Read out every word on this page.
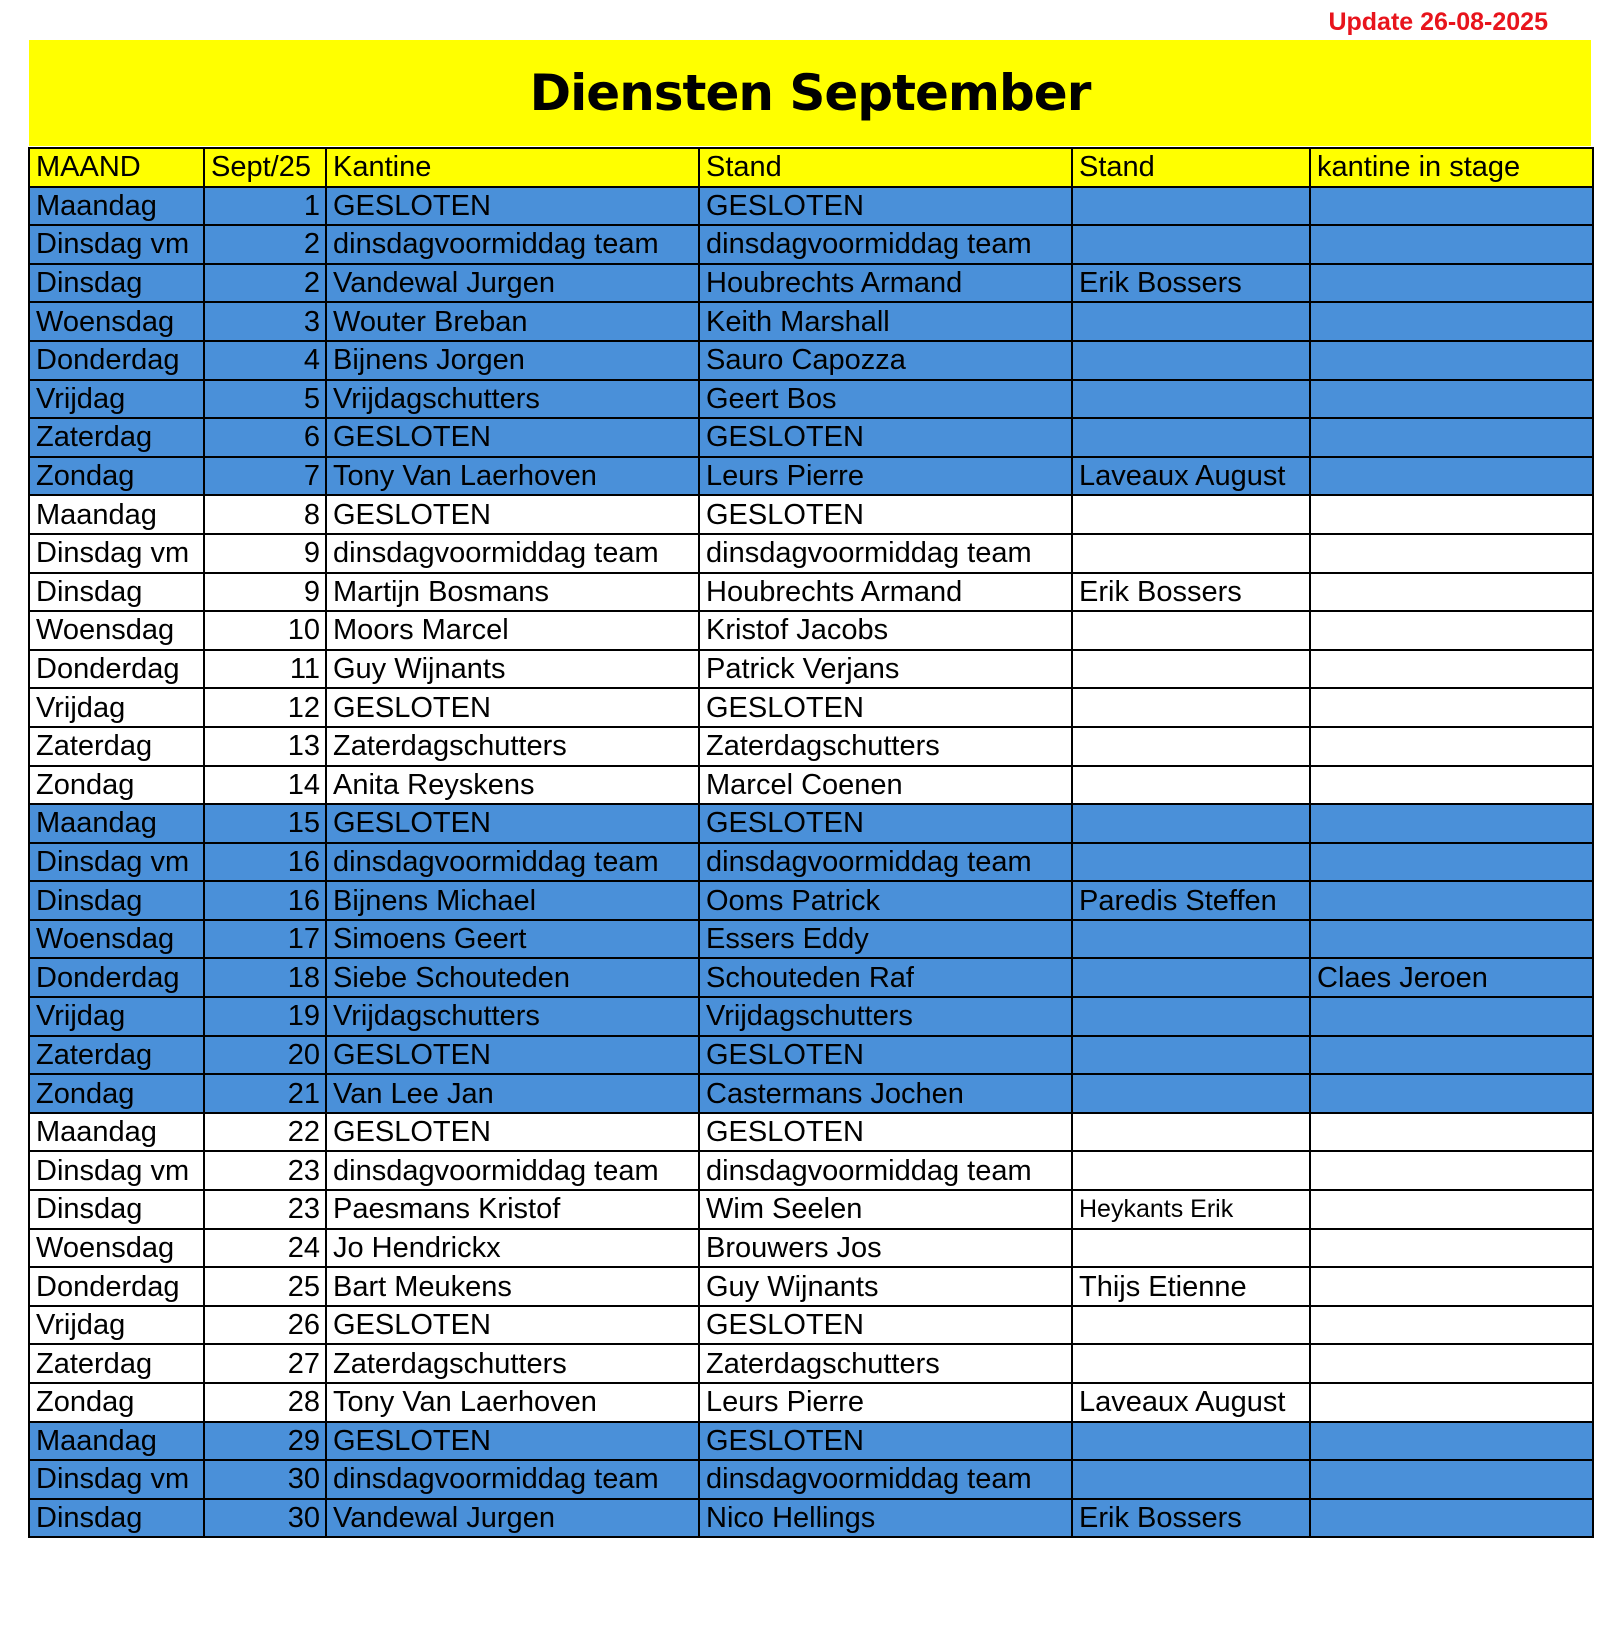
Update 26-08-2025
Diensten September
MAAND	Sept/25	Kantine	Stand	Stand	kantine in stage
Maandag	1	GESLOTEN	GESLOTEN		
Dinsdag vm	2	dinsdagvoormiddag team	dinsdagvoormiddag team		
Dinsdag	2	Vandewal Jurgen	Houbrechts Armand	Erik Bossers	
Woensdag	3	Wouter Breban	Keith Marshall		
Donderdag	4	Bijnens Jorgen	Sauro Capozza		
Vrijdag	5	Vrijdagschutters	Geert Bos		
Zaterdag	6	GESLOTEN	GESLOTEN		
Zondag	7	Tony Van Laerhoven	Leurs Pierre	Laveaux August	
Maandag	8	GESLOTEN	GESLOTEN		
Dinsdag vm	9	dinsdagvoormiddag team	dinsdagvoormiddag team		
Dinsdag	9	Martijn Bosmans	Houbrechts Armand	Erik Bossers	
Woensdag	10	Moors Marcel	Kristof Jacobs		
Donderdag	11	Guy Wijnants	Patrick Verjans		
Vrijdag	12	GESLOTEN	GESLOTEN		
Zaterdag	13	Zaterdagschutters	Zaterdagschutters		
Zondag	14	Anita Reyskens	Marcel Coenen		
Maandag	15	GESLOTEN	GESLOTEN		
Dinsdag vm	16	dinsdagvoormiddag team	dinsdagvoormiddag team		
Dinsdag	16	Bijnens Michael	Ooms Patrick	Paredis Steffen	
Woensdag	17	Simoens Geert	Essers Eddy		
Donderdag	18	Siebe Schouteden	Schouteden Raf		Claes Jeroen
Vrijdag	19	Vrijdagschutters	Vrijdagschutters		
Zaterdag	20	GESLOTEN	GESLOTEN		
Zondag	21	Van Lee Jan	Castermans Jochen		
Maandag	22	GESLOTEN	GESLOTEN		
Dinsdag vm	23	dinsdagvoormiddag team	dinsdagvoormiddag team		
Dinsdag	23	Paesmans Kristof	Wim Seelen	Heykants Erik	
Woensdag	24	Jo Hendrickx	Brouwers Jos		
Donderdag	25	Bart Meukens	Guy Wijnants	Thijs Etienne	
Vrijdag	26	GESLOTEN	GESLOTEN		
Zaterdag	27	Zaterdagschutters	Zaterdagschutters		
Zondag	28	Tony Van Laerhoven	Leurs Pierre	Laveaux August	
Maandag	29	GESLOTEN	GESLOTEN		
Dinsdag vm	30	dinsdagvoormiddag team	dinsdagvoormiddag team		
Dinsdag	30	Vandewal Jurgen	Nico Hellings	Erik Bossers	
